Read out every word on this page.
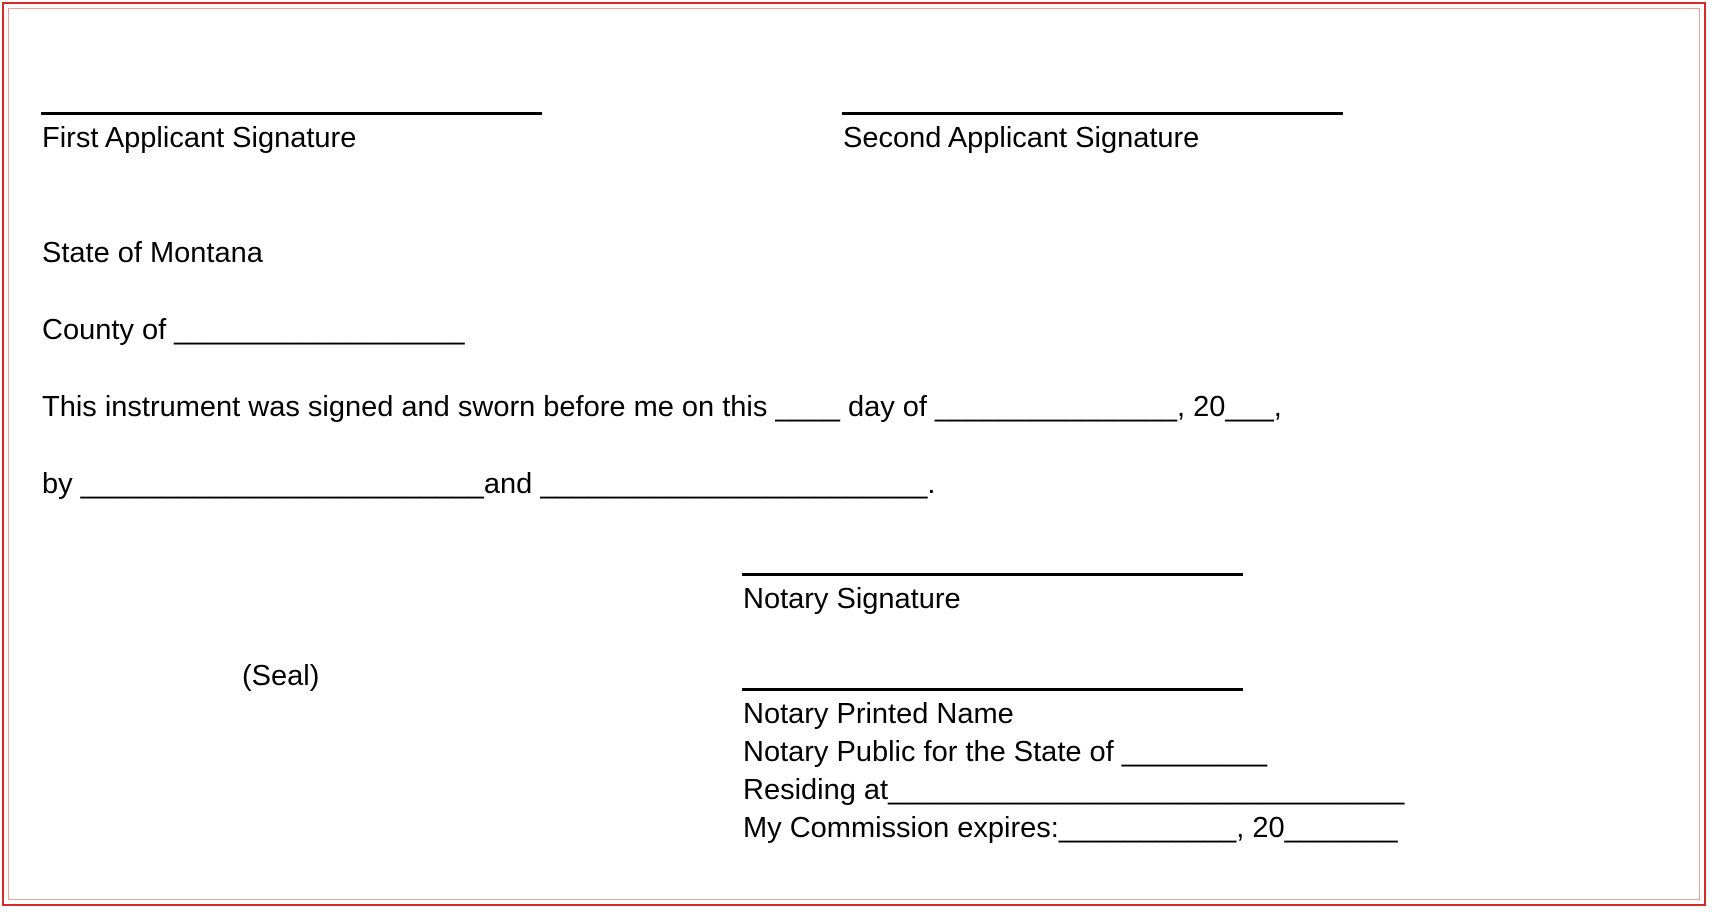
First Applicant Signature	Second Applicant Signature
State of Montana
County of __________________
This instrument was signed and sworn before me on this ____ day of _______________, 20___,
by _________________________and ________________________.
Notary Signature
(Seal)
Notary Printed Name
Notary Public for the State of _________
Residing at________________________________
My Commission expires:___________, 20_______
